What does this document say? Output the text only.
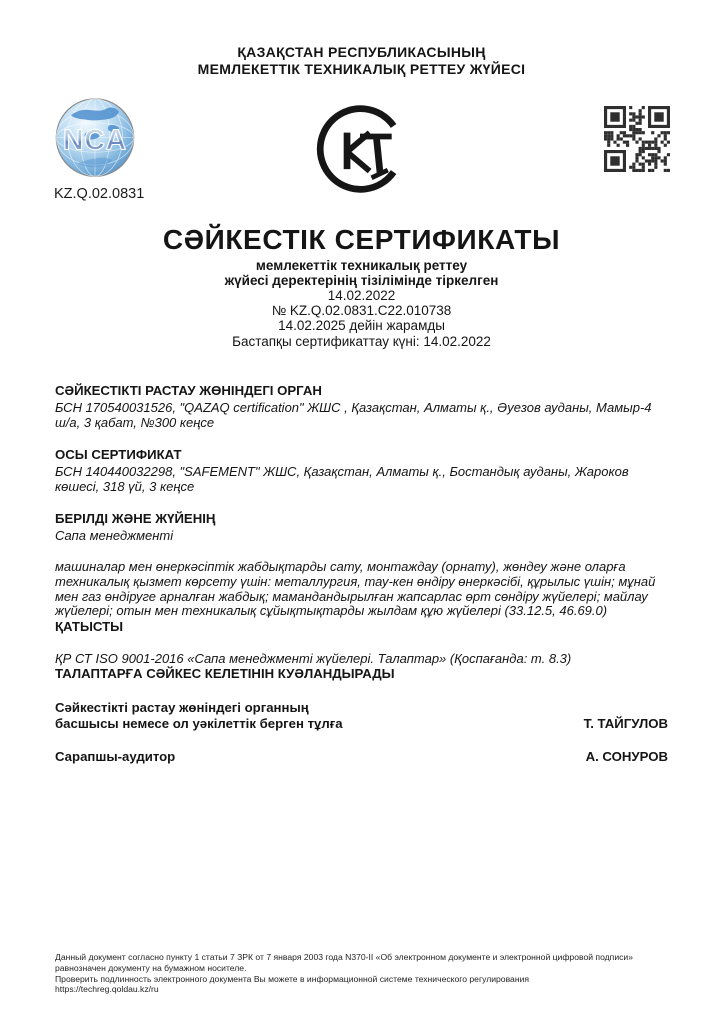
ҚАЗАҚСТАН РЕСПУБЛИКАСЫНЫҢ
МЕМЛЕКЕТТІК ТЕХНИКАЛЫҚ РЕТТЕУ ЖҮЙЕСІ
NCA
KZ.Q.02.0831
СӘЙКЕСТІК СЕРТИФИКАТЫ
мемлекеттік техникалық реттеу
жүйесі деректерінің тізілімінде тіркелген
14.02.2022
№ KZ.Q.02.0831.C22.010738
14.02.2025 дейін жарамды
Бастапқы сертификаттау күні: 14.02.2022
СӘЙКЕСТІКТІ РАСТАУ ЖӨНІНДЕГІ ОРГАН

БСН 170540031526, "QAZAQ certification" ЖШС , Қазақстан, Алматы қ., Әуезов ауданы, Мамыр-4 ш/а, 3 қабат, №300 кеңсе

ОСЫ СЕРТИФИКАТ

БСН 140440032298, "SAFEMENT" ЖШС, Қазақстан, Алматы қ., Бостандық ауданы, Жароков көшесі, 318 үй, 3 кеңсе

БЕРІЛДІ ЖӘНЕ ЖҮЙЕНІҢ

Сапа менеджменті

машиналар мен өнеркәсіптік жабдықтарды сату, монтаждау (орнату), жөндеу және оларға техникалық қызмет көрсету үшін: металлургия, тау-кен өндіру өнеркәсібі, құрылыс үшін; мұнай мен газ өндіруге арналған жабдық; мамандандырылған жапсарлас өрт сөндіру жүйелері; майлау жүйелері; отын мен техникалық сұйықтықтарды жылдам құю жүйелері (33.12.5, 46.69.0)

ҚАТЫСТЫ

ҚР СТ ISO 9001-2016 «Сапа менеджменті жүйелері. Талаптар» (Қоспағанда: т. 8.3)

ТАЛАПТАРҒА СӘЙКЕС КЕЛЕТІНІН КУӘЛАНДЫРАДЫ
Сәйкестікті растау жөніндегі органның
басшысы немесе ол уәкілеттік берген тұлға	Т. ТАЙГУЛОВ
Сарапшы-аудитор	А. СОНУРОВ
Данный документ согласно пункту 1 статьи 7 ЗРК от 7 января 2003 года N370-II «Об электронном документе и электронной цифровой подписи» равнозначен документу на бумажном носителе.
Проверить подлинность электронного документа Вы можете в информационной системе технического регулирования
https://techreg.qoldau.kz/ru
